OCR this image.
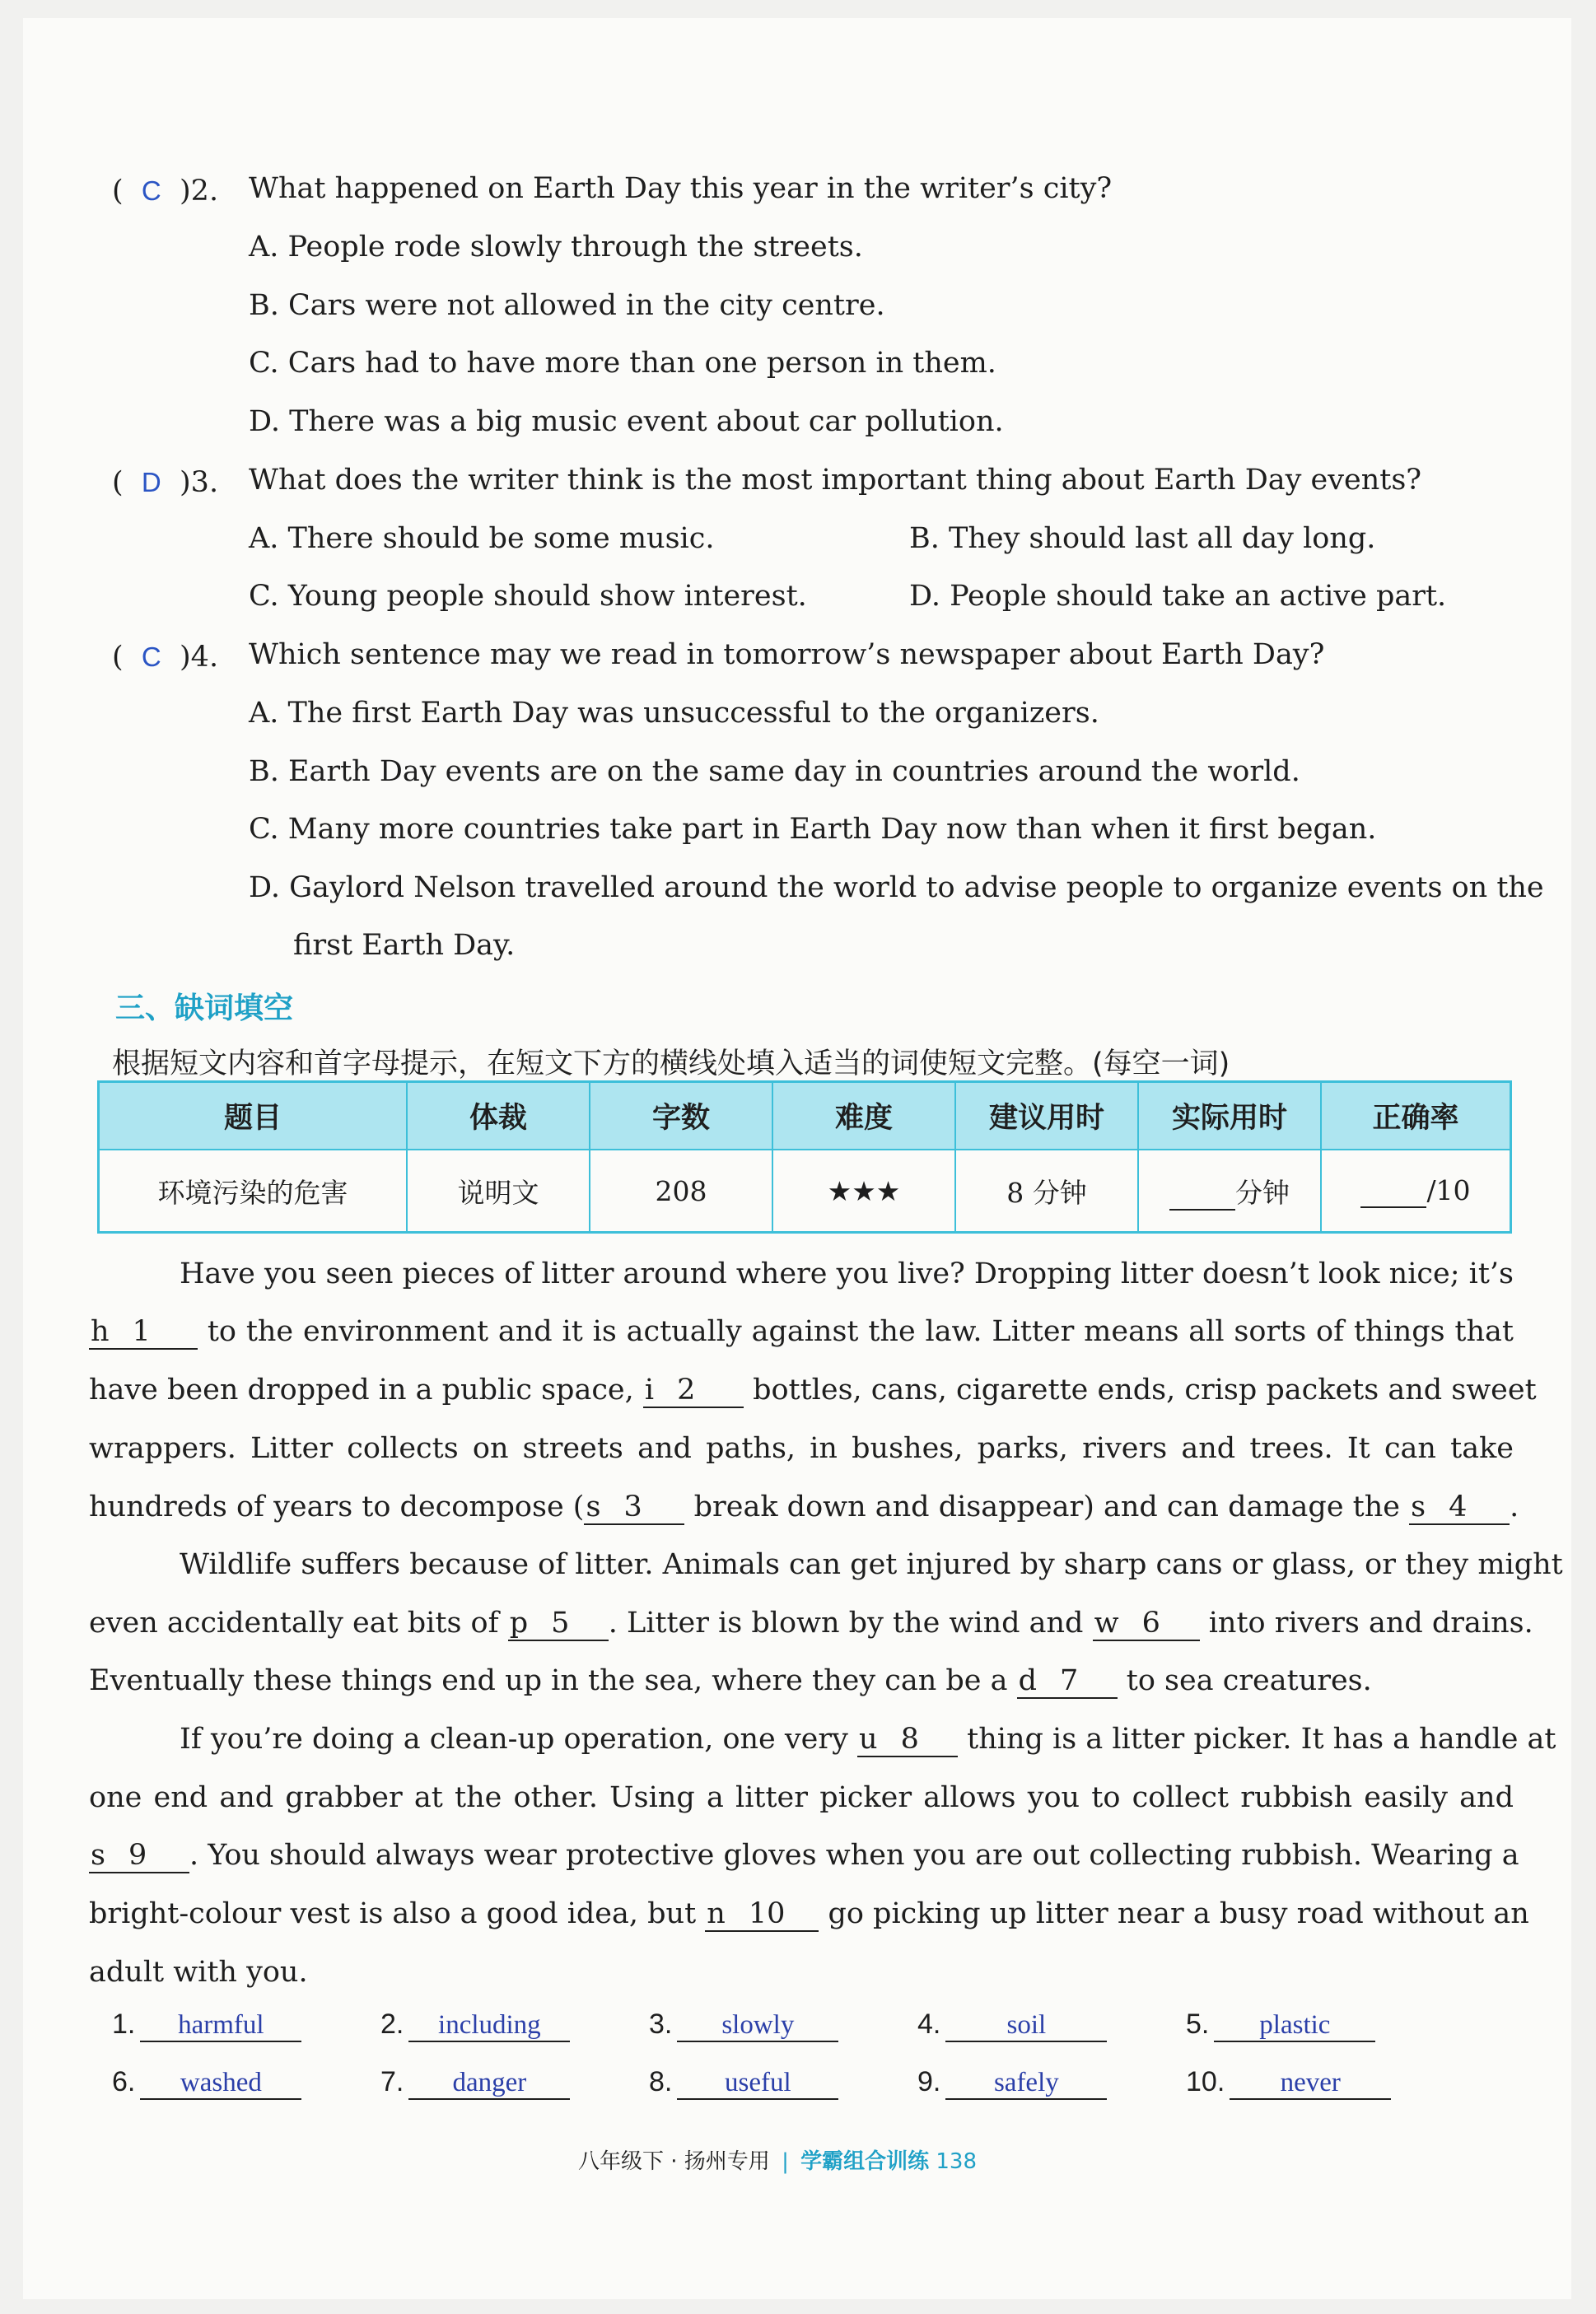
(  C )2. What happened on Earth Day this year in the writer’s city?
A. People rode slowly through the streets.
B. Cars were not allowed in the city centre.
C. Cars had to have more than one person in them.
D. There was a big music event about car pollution.
(  D )3. What does the writer think is the most important thing about Earth Day events?
A. There should be some music.	B. They should last all day long.
C. Young people should show interest.	D. People should take an active part.
(  C )4. Which sentence may we read in tomorrow’s newspaper about Earth Day?
A. The first Earth Day was unsuccessful to the organizers.
B. Earth Day events are on the same day in countries around the world.
C. Many more countries take part in Earth Day now than when it first began.
D. Gaylord Nelson travelled around the world to advise people to organize events on the
first Earth Day.
三、缺词填空
根据短文内容和首字母提示，在短文下方的横线处填入适当的词使短文完整。(每空一词)
题目	体裁	字数	难度	建议用时	实际用时	正确率
环境污染的危害	说明文	208	★★★	8 分钟	分钟	/10
Have you seen pieces of litter around where you live? Dropping litter doesn’t look nice; it’s
h 1 to the environment and it is actually against the law. Litter means all sorts of things that
have been dropped in a public space, i 2 bottles, cans, cigarette ends, crisp packets and sweet
wrappers. Litter collects on streets and paths, in bushes, parks, rivers and trees. It can take
hundreds of years to decompose (s 3 break down and disappear) and can damage the s 4 .
Wildlife suffers because of litter. Animals can get injured by sharp cans or glass, or they might
even accidentally eat bits of p 5 . Litter is blown by the wind and w 6 into rivers and drains.
Eventually these things end up in the sea, where they can be a d 7 to sea creatures.
If you’re doing a clean-up operation, one very u 8 thing is a litter picker. It has a handle at
one end and grabber at the other. Using a litter picker allows you to collect rubbish easily and
s 9 . You should always wear protective gloves when you are out collecting rubbish. Wearing a
bright-colour vest is also a good idea, but n 10 go picking up litter near a busy road without an
adult with you.
1. harmful	2. including	3. slowly	4. soil	5. plastic
6. washed	7. danger	8. useful	9. safely	10. never
八年级下 · 扬州专用 | 学霸组合训练 138
